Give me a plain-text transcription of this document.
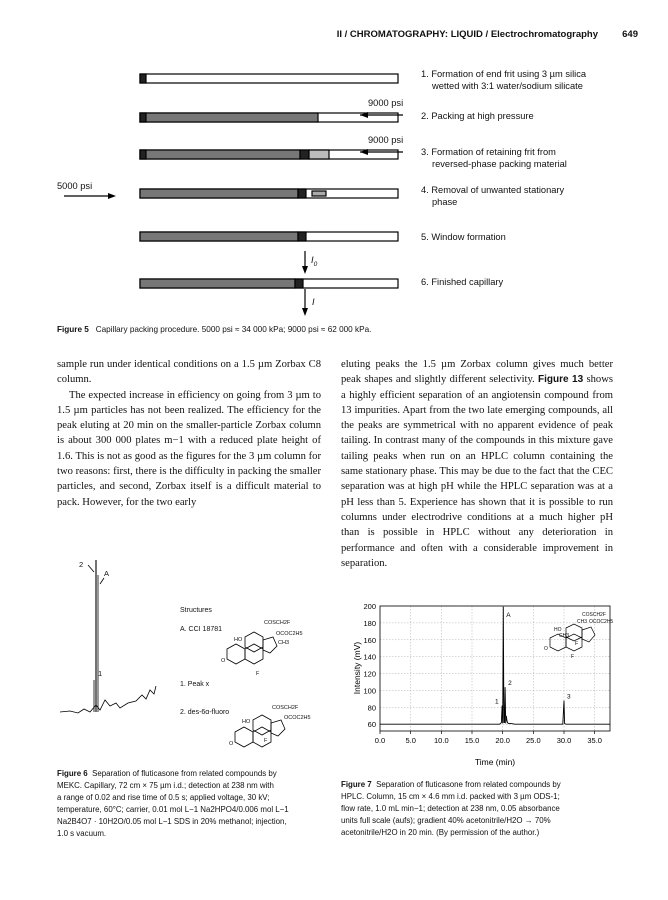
II / CHROMATOGRAPHY: LIQUID / Electrochromatography	649
9000 psi
9000 psi
5000 psi
$I_0$
I
1. Formation of end frit using 3 µm silica
wetted with 3:1 water/sodium silicate
2. Packing at high pressure
3. Formation of retaining frit from
reversed-phase packing material
4. Removal of unwanted stationary
phase
5. Window formation
6. Finished capillary
Figure 5 Capillary packing procedure. 5000 psi ≈ 34 000 kPa; 9000 psi ≈ 62 000 kPa.

sample run under identical conditions on a 1.5 µm Zorbax C8 column.

The expected increase in efficiency on going from 3 µm to 1.5 µm particles has not been realized. The efficiency for the peak eluting at 20 min on the smaller-particle Zorbax column is about 300 000 plates m−1 with a reduced plate height of 1.6. This is not as good as the figures for the 3 µm column for two reasons: first, there is the difficulty in packing the smaller particles, and second, Zorbax itself is a difficult material to pack. However, for the two early

eluting peaks the 1.5 µm Zorbax column gives much better peak shapes and slightly different selectivity. Figure 13 shows a highly efficient separation of an angiotensin compound from 13 impurities. Apart from the two late emerging compounds, all the peaks are symmetrical with no apparent evidence of peak tailing. In contrast many of the compounds in this mixture gave tailing peaks when run on an HPLC column containing the same stationary phase. This may be due to the fact that the CEC separation was at high pH while the HPLC separation was at a pH less than 5. Experience has shown that it is possible to run columns under electrodrive conditions at a much higher pH than is possible in HPLC without any deterioration in performance and often with a considerable improvement in separation.

2
A
1
Structures
A. CCI 18781
1. Peak x
2. des-6α-fluoro
COSCH2F
OCOC2H5
CH3
HO
O
F
COSCH2F
OCOC2H5
HO
O	F
Figure 6 Separation of fluticasone from related compounds by
MEKC. Capillary, 72 cm × 75 µm i.d.; detection at 238 nm with
a range of 0.02 and rise time of 0.5 s; applied voltage, 30 kV;
temperature, 60°C; carrier, 0.01 mol L−1 Na2HPO4/0.006 mol L−1
Na2B4O7 · 10H2O/0.05 mol L−1 SDS in 20% methanol; injection,
1.0 s vacuum.
60
80
100
120
140
160
180
200
0.0	5.0 10.0 15.0 20.0 25.0 30.0 35.0
A
2
1
3
Time (min)
Intensity (mV)
COSCH2F
CH3 OCOC2H5
HO
CH3
O
F
F
Figure 7 Separation of fluticasone from related compounds by
HPLC. Column, 15 cm × 4.6 mm i.d. packed with 3 µm ODS-1;
flow rate, 1.0 mL min−1; detection at 238 nm, 0.05 absorbance
units full scale (aufs); gradient 40% acetonitrile/H2O → 70%
acetonitrile/H2O in 20 min. (By permission of the author.)
